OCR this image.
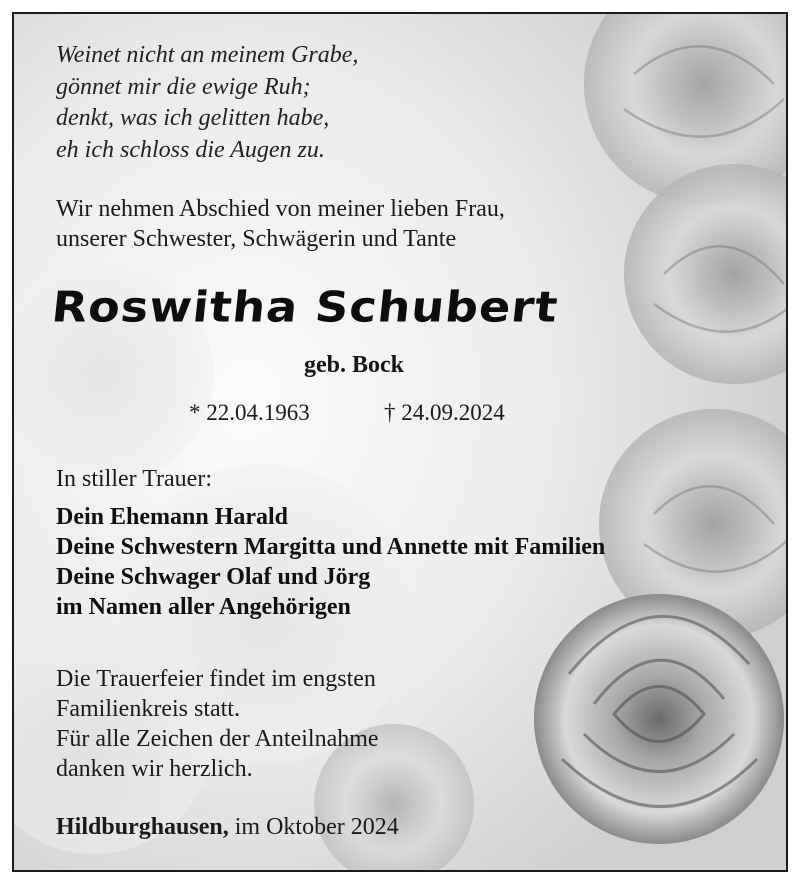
Weinet nicht an meinem Grabe,
gönnet mir die ewige Ruh;
denkt, was ich gelitten habe,
eh ich schloss die Augen zu.
Wir nehmen Abschied von meiner lieben Frau,
unserer Schwester, Schwägerin und Tante
Roswitha Schubert
geb. Bock
* 22.04.1963	† 24.09.2024
In stiller Trauer:
Dein Ehemann Harald
Deine Schwestern Margitta und Annette mit Familien
Deine Schwager Olaf und Jörg
im Namen aller Angehörigen
Die Trauerfeier findet im engsten
Familienkreis statt.
Für alle Zeichen der Anteilnahme
danken wir herzlich.
Hildburghausen, im Oktober 2024
